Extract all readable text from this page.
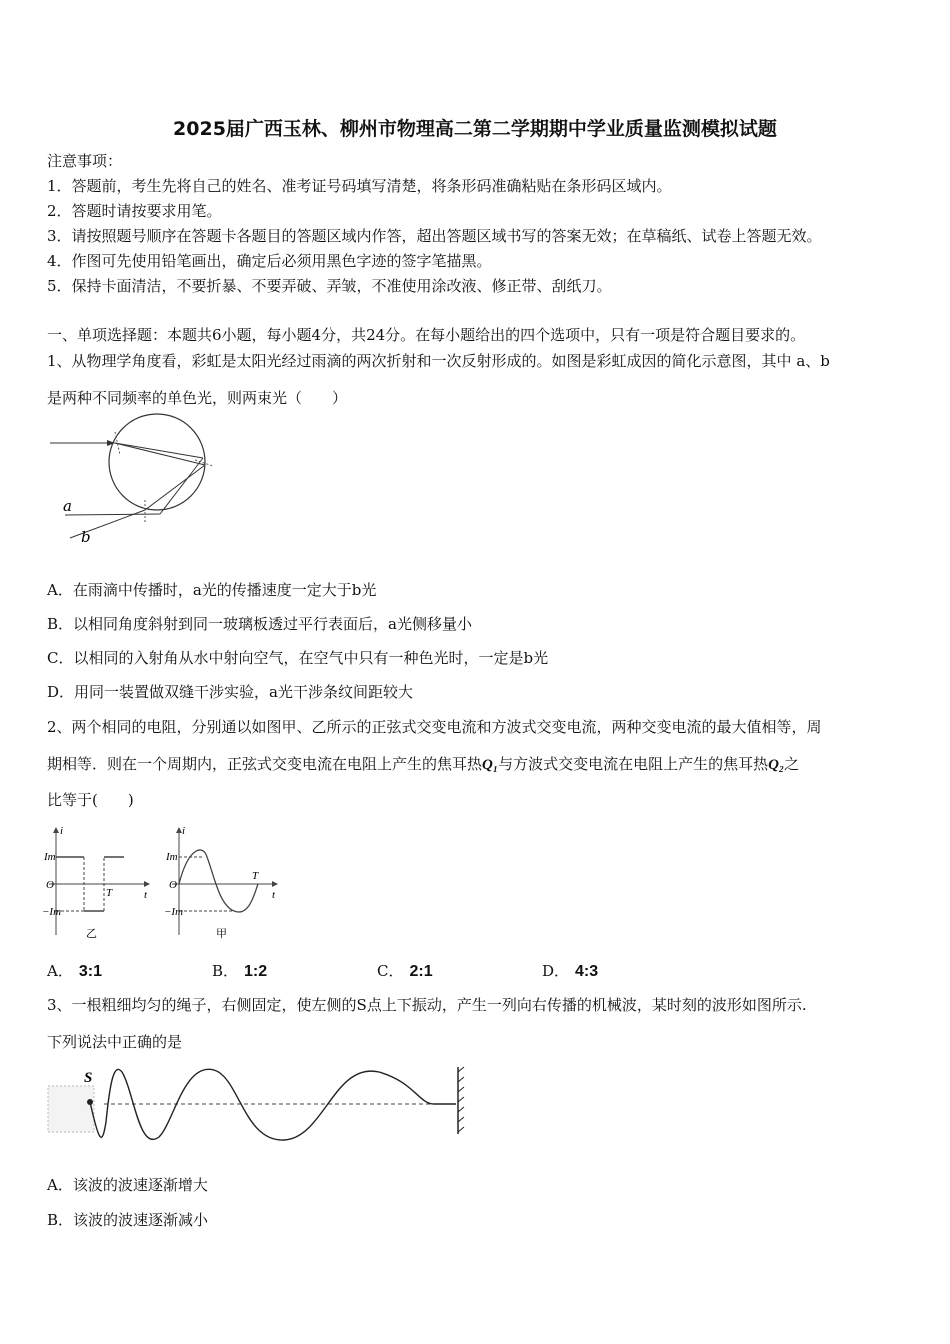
2025届广西玉林、柳州市物理高二第二学期期中学业质量监测模拟试题
注意事项：
1．答题前，考生先将自己的姓名、准考证号码填写清楚，将条形码准确粘贴在条形码区域内。
2．答题时请按要求用笔。
3．请按照题号顺序在答题卡各题目的答题区域内作答，超出答题区域书写的答案无效；在草稿纸、试卷上答题无效。
4．作图可先使用铅笔画出，确定后必须用黑色字迹的签字笔描黑。
5．保持卡面清洁，不要折暴、不要弄破、弄皱，不准使用涂改液、修正带、刮纸刀。
一、单项选择题：本题共6小题，每小题4分，共24分。在每小题给出的四个选项中，只有一项是符合题目要求的。
1、从物理学角度看，彩虹是太阳光经过雨滴的两次折射和一次反射形成的。如图是彩虹成因的简化示意图，其中 a、b
是两种不同频率的单色光，则两束光（　　）
a
b
A．在雨滴中传播时，a光的传播速度一定大于b光
B．以相同角度斜射到同一玻璃板透过平行表面后，a光侧移量小
C．以相同的入射角从水中射向空气，在空气中只有一种色光时，一定是b光
D．用同一装置做双缝干涉实验，a光干涉条纹间距较大
2、两个相同的电阻，分别通以如图甲、乙所示的正弦式交变电流和方波式交变电流，两种交变电流的最大值相等，周
期相等．则在一个周期内，正弦式交变电流在电阻上产生的焦耳热Q₁与方波式交变电流在电阻上产生的焦耳热Q₂之
比等于(　　)
i
Im
−Im
O
T	t
乙
i
Im
−Im
O
T
t
甲
A． 3:1	B． 1:2	C． 2:1	D． 4:3
3、一根粗细均匀的绳子，右侧固定，使左侧的S点上下振动，产生一列向右传播的机械波，某时刻的波形如图所示.
下列说法中正确的是
S
A．该波的波速逐渐增大
B．该波的波速逐渐减小
